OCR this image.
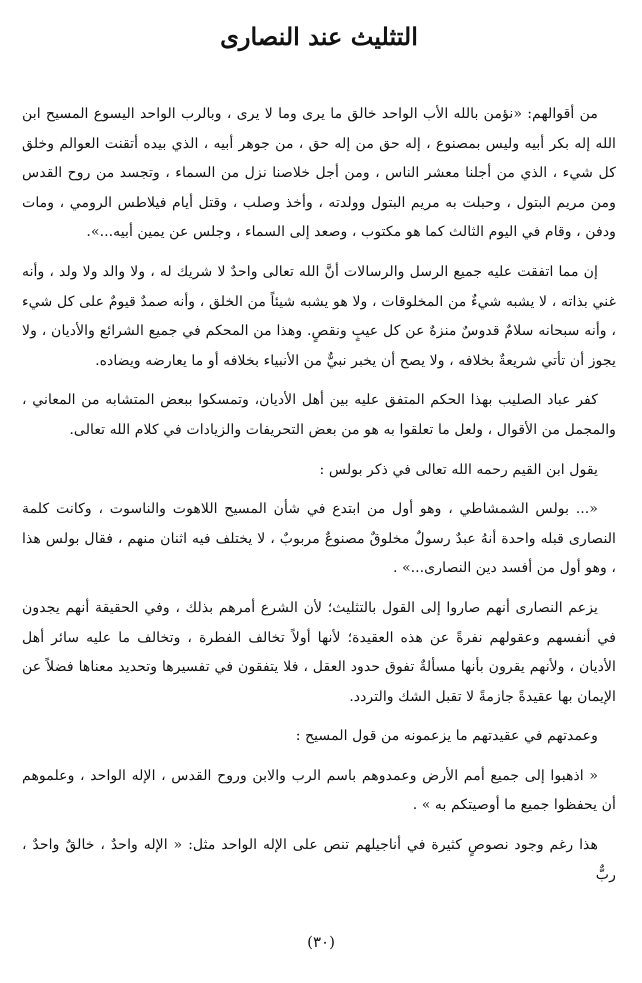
التثليث عند النصارى

من أقوالهم: «نؤمن بالله الأب الواحد خالق ما يرى وما لا يرى ، وبالرب الواحد اليسوع المسيح ابن الله إله بكر أبيه وليس بمصنوع ، إله حق من إله حق ، من جوهر أبيه ، الذي بيده أتقنت العوالم وخلق كل شيء ، الذي من أجلنا معشر الناس ، ومن أجل خلاصنا نزل من السماء ، وتجسد من روح القدس ومن مريم البتول ، وحبلت به مريم البتول وولدته ، وأخذ وصلب ، وقتل أيام فيلاطس الرومي ، ومات ودفن ، وقام في اليوم الثالث كما هو مكتوب ، وصعد إلى السماء ، وجلس عن يمين أبيه...».

إن مما اتفقت عليه جميع الرسل والرسالات أنَّ الله تعالى واحدٌ لا شريك له ، ولا والد ولا ولد ، وأنه غني بذاته ، لا يشبه شيءٌ من المخلوقات ، ولا هو يشبه شيئاً من الخلق ، وأنه صمدٌ قيومٌ على كل شيء ، وأنه سبحانه سلامٌ قدوسٌ منزهٌ عن كل عيبٍ ونقصٍ. وهذا من المحكم في جميع الشرائع والأديان ، ولا يجوز أن تأتي شريعةٌ بخلافه ، ولا يصح أن يخبر نبيٌّ من الأنبياء بخلافه أو ما يعارضه ويضاده.

كفر عباد الصليب بهذا الحكم المتفق عليه بين أهل الأديان، وتمسكوا ببعض المتشابه من المعاني ، والمجمل من الأقوال ، ولعل ما تعلقوا به هو من بعض التحريفات والزيادات في كلام الله تعالى.

يقول ابن القيم رحمه الله تعالى في ذكر بولس :

«... بولس الشمشاطي ، وهو أول من ابتدع في شأن المسيح اللاهوت والناسوت ، وكانت كلمة النصارى قبله واحدة أنهُ عبدٌ رسولٌ مخلوقٌ مصنوعٌ مربوبٌ ، لا يختلف فيه اثنان منهم ، فقال بولس هذا ، وهو أول من أفسد دين النصارى...» .

يزعم النصارى أنهم صاروا إلى القول بالتثليث؛ لأن الشرع أمرهم بذلك ، وفي الحقيقة أنهم يجدون في أنفسهم وعقولهم نفرةً عن هذه العقيدة؛ لأنها أولاً تخالف الفطرة ، وتخالف ما عليه سائر أهل الأديان ، ولأنهم يقرون بأنها مسألةٌ تفوق حدود العقل ، فلا يتفقون في تفسيرها وتحديد معناها فضلاً عن الإيمان بها عقيدةً جازمةً لا تقبل الشك والتردد.

وعمدتهم في عقيدتهم ما يزعمونه من قول المسيح :

« اذهبوا إلى جميع أمم الأرض وعمدوهم باسم الرب والابن وروح القدس ، الإله الواحد ، وعلموهم أن يحفظوا جميع ما أوصيتكم به » .

هذا رغم وجود نصوصٍ كثيرة في أناجيلهم تنص على الإله الواحد مثل: « الإله واحدٌ ، خالقٌ واحدٌ ، ربٌّ

(٣٠)
